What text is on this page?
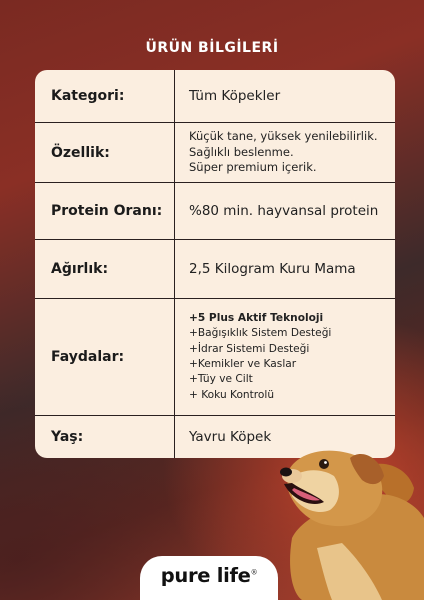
ÜRÜN BİLGİLERİ
Kategori:	Tüm Köpekler
Özellik:
Küçük tane, yüksek yenilebilirlik.
Sağlıklı beslenme.
Süper premium içerik.
Protein Oranı:	%80 min. hayvansal protein
Ağırlık:	2,5 Kilogram Kuru Mama
Faydalar:
+5 Plus Aktif Teknoloji
+Bağışıklık Sistem Desteği
+İdrar Sistemi Desteği
+Kemikler ve Kaslar
+Tüy ve Cilt
+ Koku Kontrolü
Yaş:	Yavru Köpek
pure life®
